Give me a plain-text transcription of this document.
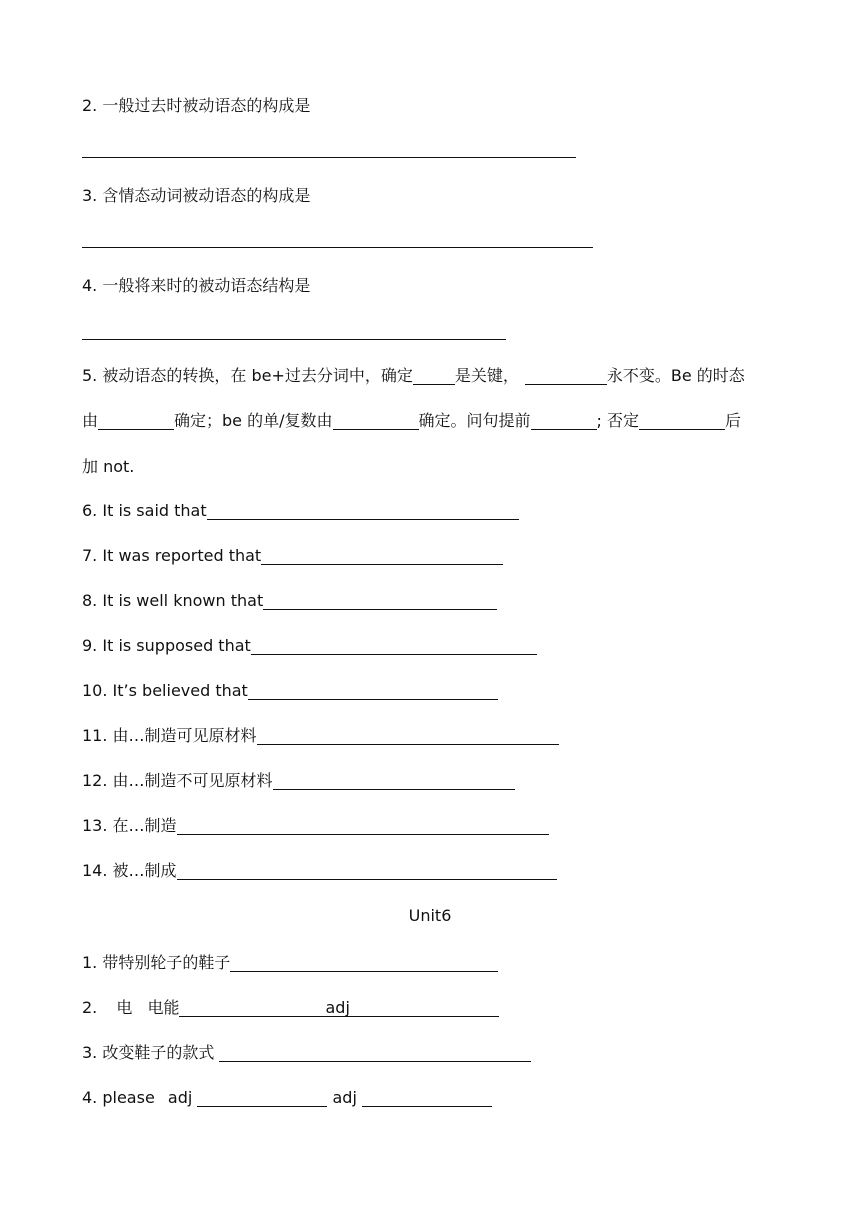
2. 一般过去时被动语态的构成是
3. 含情态动词被动语态的构成是
4. 一般将来时的被动语态结构是
5. 被动语态的转换，在 be+过去分词中，确定	是关键，	永不变。Be 的时态
由	确定；be 的单/复数由	确定。问句提前	; 否定	后
加 not.
6. It is said that
7. It was reported that
8. It is well known that
9. It is supposed that
10. It’s believed that
11. 由…制造可见原材料
12. 由…制造不可见原材料
13. 在…制造
14. 被…制成
Unit6
1. 带特别轮子的鞋子
2. 电 电能	adj
3. 改变鞋子的款式
4. please adj	adj
